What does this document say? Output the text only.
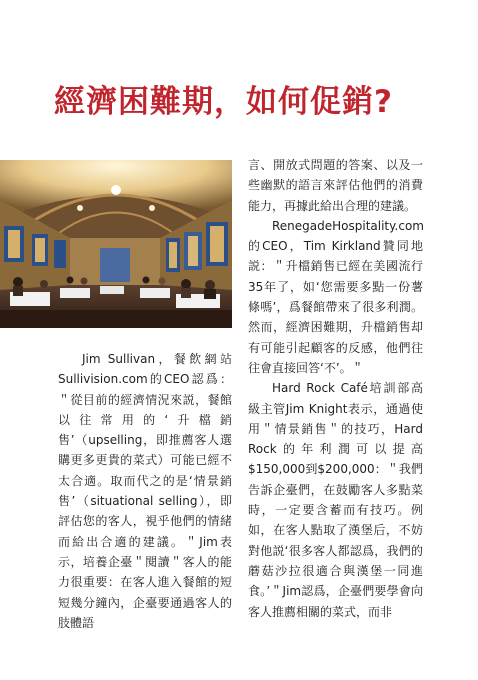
經濟困難期，如何促銷?

Jim Sullivan，餐飲網站Sullivision.com的CEO認爲：＂從目前的經濟情況來説，餐館以往常用的‘升檔銷售’（upselling，即推薦客人選購更多更貴的菜式）可能已經不太合適。取而代之的是‘情景銷售’（situational selling），即評估您的客人，視乎他們的情緒而給出合適的建議。＂Jim表示，培養企臺＂閱讀＂客人的能力很重要：在客人進入餐館的短短幾分鐘內，企臺要通過客人的肢體語

言、開放式問題的答案、以及一些幽默的語言來評估他們的消費能力，再據此給出合理的建議。

RenegadeHospitality.com的CEO，Tim Kirkland贊同地説：＂升檔銷售已經在美國流行35年了，如‘您需要多點一份薯條嗎’，爲餐館帶來了很多利潤。然而，經濟困難期，升檔銷售却有可能引起顧客的反感，他們往往會直接回答‘不’。＂

Hard Rock Café培訓部高級主管Jim Knight表示，通過使用＂情景銷售＂的技巧，Hard Rock的年利潤可以提高$150,000到$200,000：＂我們告訴企臺們，在鼓勵客人多點菜時，一定要含蓄而有技巧。例如，在客人點取了漢堡后，不妨對他説‘很多客人都認爲，我們的蘑菇沙拉很適合與漢堡一同進食。’＂Jim認爲，企臺們要學會向客人推薦相關的菜式，而非
